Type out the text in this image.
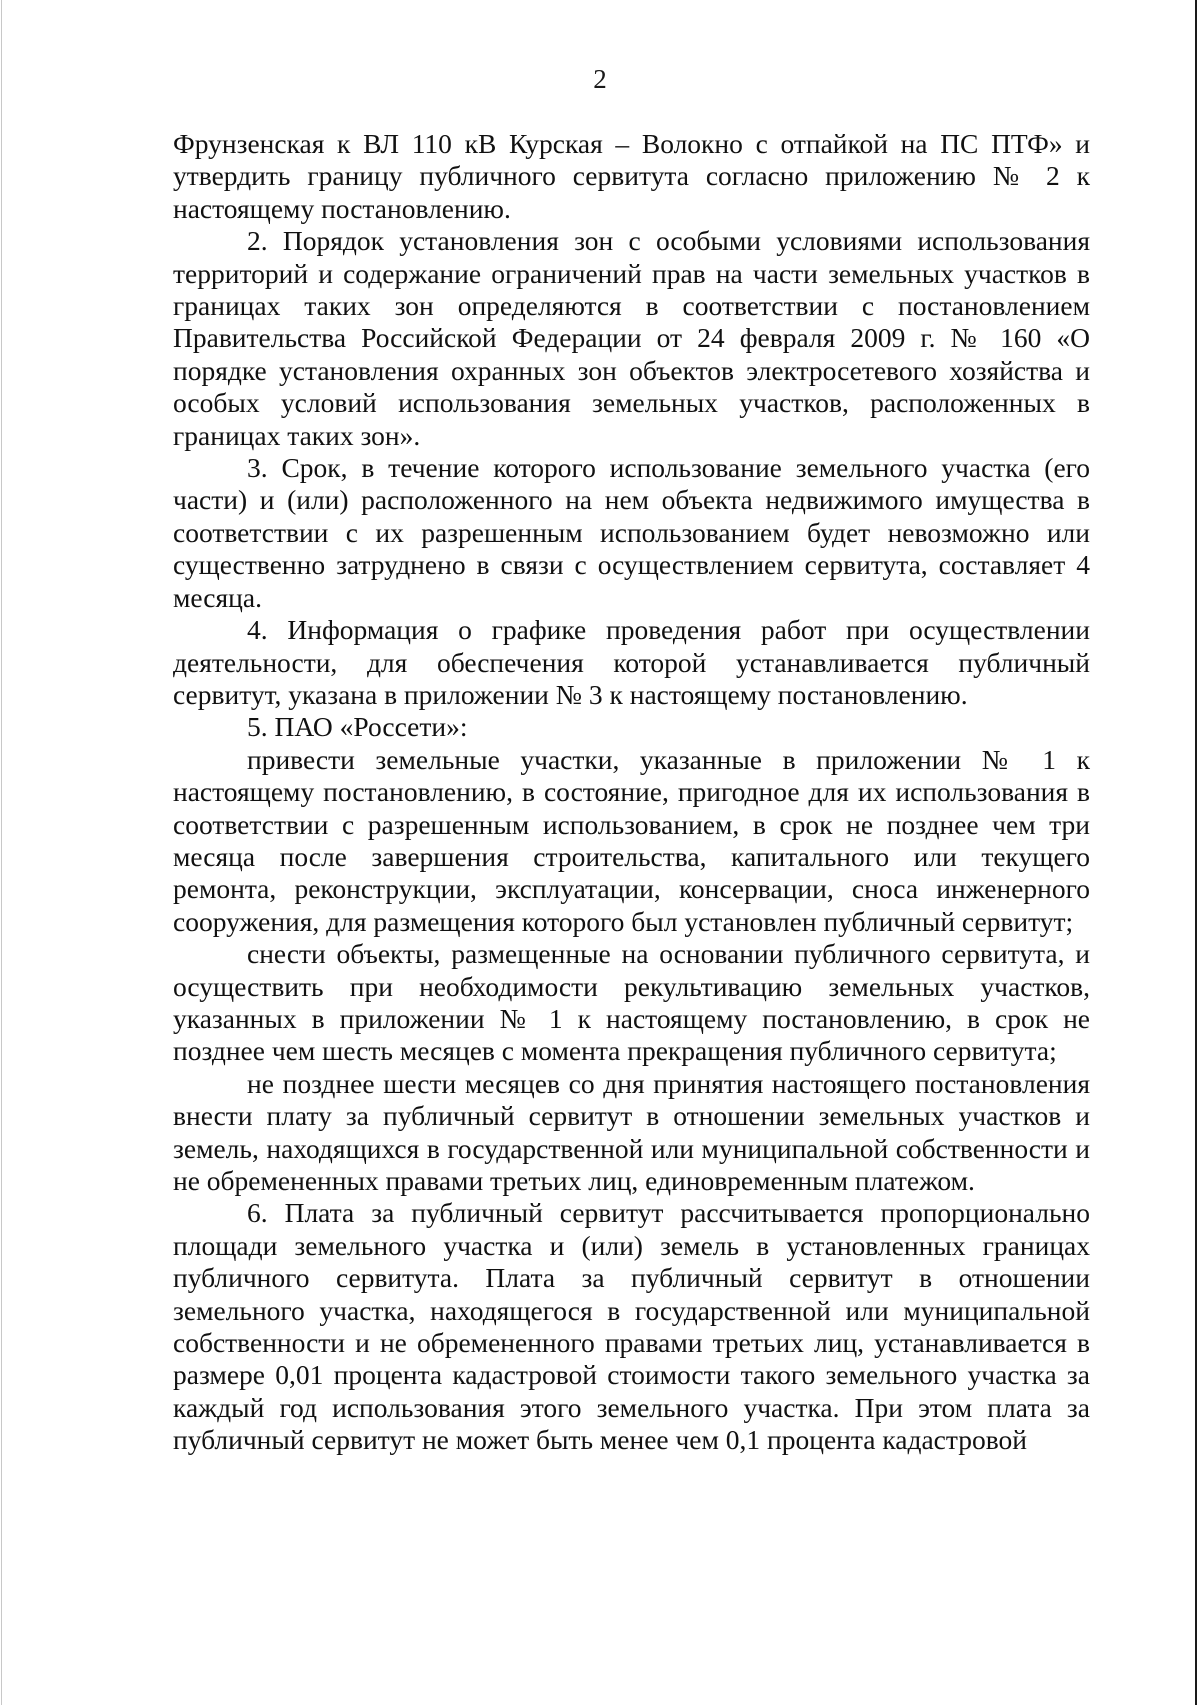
2

Фрунзенская к ВЛ 110 кВ Курская – Волокно с отпайкой на ПС ПТФ» и утвердить границу публичного сервитута согласно приложению № 2 к настоящему постановлению.

2. Порядок установления зон с особыми условиями использования территорий и содержание ограничений прав на части земельных участков в границах таких зон определяются в соответствии с постановлением Правительства Российской Федерации от 24 февраля 2009 г. № 160 «О порядке установления охранных зон объектов электросетевого хозяйства и особых условий использования земельных участков, расположенных в границах таких зон».

3. Срок, в течение которого использование земельного участка (его части) и (или) расположенного на нем объекта недвижимого имущества в соответствии с их разрешенным использованием будет невозможно или существенно затруднено в связи с осуществлением сервитута, составляет 4 месяца.

4. Информация о графике проведения работ при осуществлении деятельности, для обеспечения которой устанавливается публичный сервитут, указана в приложении № 3 к настоящему постановлению.

5. ПАО «Россети»:

привести земельные участки, указанные в приложении № 1 к настоящему постановлению, в состояние, пригодное для их использования в соответствии с разрешенным использованием, в срок не позднее чем три месяца после завершения строительства, капитального или текущего ремонта, реконструкции, эксплуатации, консервации, сноса инженерного сооружения, для размещения которого был установлен публичный сервитут;

снести объекты, размещенные на основании публичного сервитута, и осуществить при необходимости рекультивацию земельных участков, указанных в приложении № 1 к настоящему постановлению, в срок не позднее чем шесть месяцев с момента прекращения публичного сервитута;

не позднее шести месяцев со дня принятия настоящего постановления внести плату за публичный сервитут в отношении земельных участков и земель, находящихся в государственной или муниципальной собственности и не обремененных правами третьих лиц, единовременным платежом.

6. Плата за публичный сервитут рассчитывается пропорционально площади земельного участка и (или) земель в установленных границах публичного сервитута. Плата за публичный сервитут в отношении земельного участка, находящегося в государственной или муниципальной собственности и не обремененного правами третьих лиц, устанавливается в размере 0,01 процента кадастровой стоимости такого земельного участка за каждый год использования этого земельного участка. При этом плата за публичный сервитут не может быть менее чем 0,1 процента кадастровой
